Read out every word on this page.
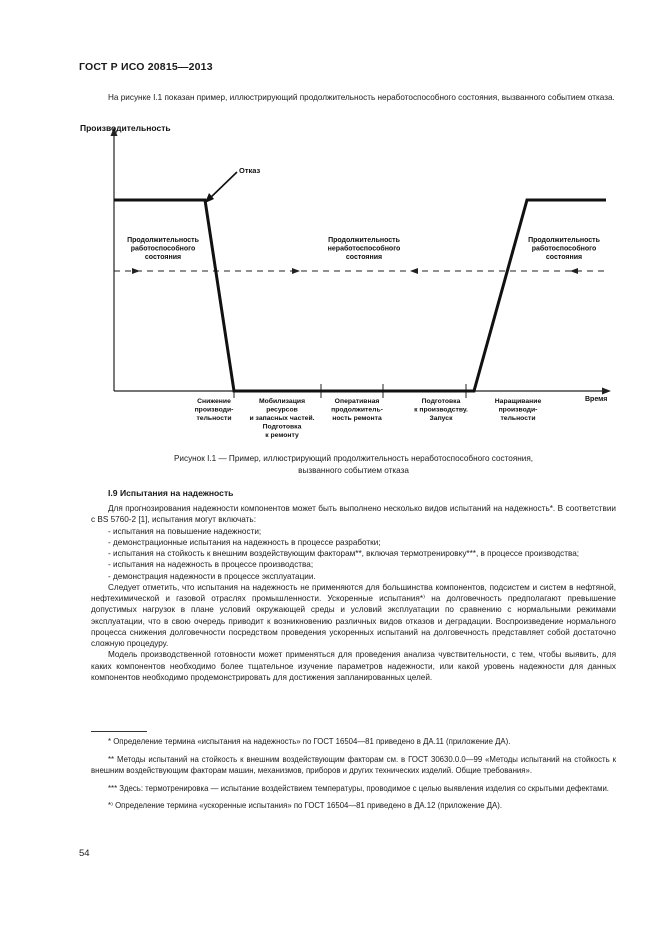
ГОСТ Р ИСО 20815—2013
На рисунке I.1 показан пример, иллюстрирующий продолжительность неработоспособного состояния, вызванного событием отказа.
Отказ
Производительность
Время
Продолжительность работоспособного состояния
Продолжительность неработоспособного состояния
Продолжительность работоспособного состояния
Снижение производи-тельности
Мобилизация ресурсов и запасных частей. Подготовка к ремонту
Оперативная продолжитель-ность ремонта
Подготовка к производству. Запуск
Наращивание производи-тельности
Рисунок I.1 — Пример, иллюстрирующий продолжительность неработоспособного состояния,
вызванного событием отказа
I.9 Испытания на надежность

Для прогнозирования надежности компонентов может быть выполнено несколько видов испытаний на надежность*. В соответствии с BS 5760-2 [1], испытания могут включать:

- испытания на повышение надежности;

- демонстрационные испытания на надежность в процессе разработки;

- испытания на стойкость к внешним воздействующим факторам**, включая термотренировку***, в процессе производства;

- испытания на надежность в процессе производства;

- демонстрация надежности в процессе эксплуатации.

Следует отметить, что испытания на надежность не применяются для большинства компонентов, подсистем и систем в нефтяной, нефтехимической и газовой отраслях промышленности. Ускоренные испытания*⁾ на долговечность предполагают превышение допустимых нагрузок в плане условий окружающей среды и условий эксплуатации по сравнению с нормальными режимами эксплуатации, что в свою очередь приводит к возникновению различных видов отказов и деградации. Воспроизведение нормального процесса снижения долговечности посредством проведения ускоренных испытаний на долговечность представляет собой достаточно сложную процедуру.

Модель производственной готовности может применяться для проведения анализа чувствительности, с тем, чтобы выявить, для каких компонентов необходимо более тщательное изучение параметров надежности, или какой уровень надежности для данных компонентов необходимо продемонстрировать для достижения запланированных целей.

* Определение термина «испытания на надежность» по ГОСТ 16504—81 приведено в ДА.11 (приложение ДА).

** Методы испытаний на стойкость к внешним воздействующим факторам см. в ГОСТ 30630.0.0—99 «Методы испытаний на стойкость к внешним воздействующим факторам машин, механизмов, приборов и других технических изделий. Общие требования».

*** Здесь: термотренировка — испытание воздействием температуры, проводимое с целью выявления изделия со скрытыми дефектами.

*⁾ Определение термина «ускоренные испытания» по ГОСТ 16504—81 приведено в ДА.12 (приложение ДА).

54
